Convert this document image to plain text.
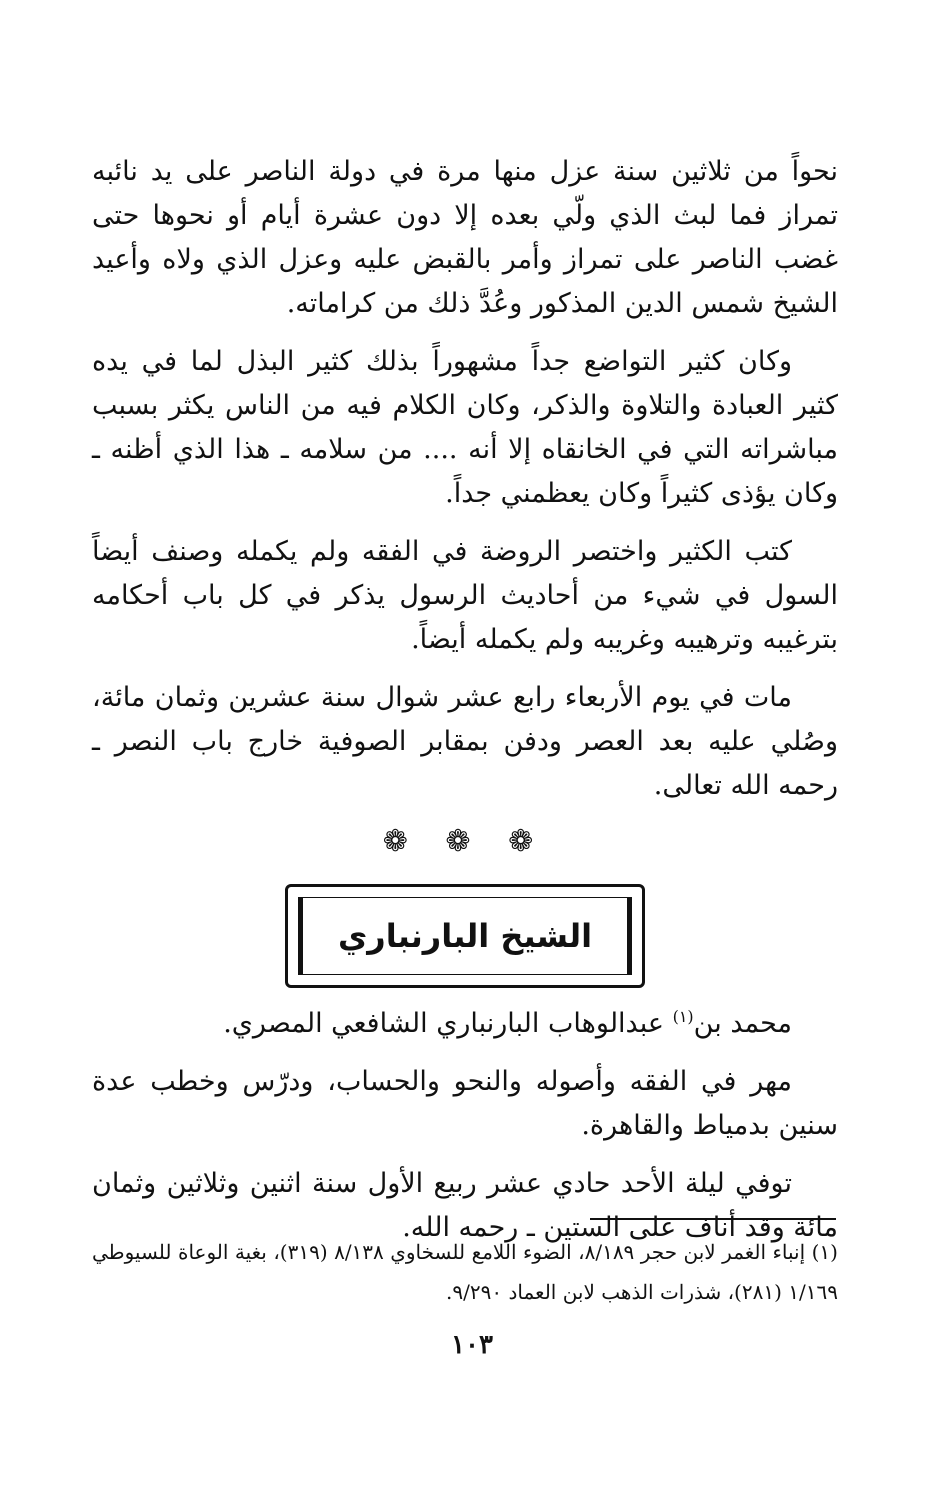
نحواً من ثلاثين سنة عزل منها مرة في دولة الناصر على يد نائبه تمراز فما لبث الذي ولّي بعده إلا دون عشرة أيام أو نحوها حتى غضب الناصر على تمراز وأمر بالقبض عليه وعزل الذي ولاه وأعيد الشيخ شمس الدين المذكور وعُدَّ ذلك من كراماته.

وكان كثير التواضع جداً مشهوراً بذلك كثير البذل لما في يده كثير العبادة والتلاوة والذكر، وكان الكلام فيه من الناس يكثر بسبب مباشراته التي في الخانقاه إلا أنه .... من سلامه ـ هذا الذي أظنه ـ وكان يؤذى كثيراً وكان يعظمني جداً.

كتب الكثير واختصر الروضة في الفقه ولم يكمله وصنف أيضاً السول في شيء من أحاديث الرسول يذكر في كل باب أحكامه بترغيبه وترهيبه وغريبه ولم يكمله أيضاً.

مات في يوم الأربعاء رابع عشر شوال سنة عشرين وثمان مائة، وصُلي عليه بعد العصر ودفن بمقابر الصوفية خارج باب النصر ـ رحمه الله تعالى.

❁ ❁ ❁
الشيخ البارنباري

محمد بن$^{(١)}$ عبدالوهاب البارنباري الشافعي المصري.

مهر في الفقه وأصوله والنحو والحساب، ودرّس وخطب عدة سنين بدمياط والقاهرة.

توفي ليلة الأحد حادي عشر ربيع الأول سنة اثنين وثلاثين وثمان مائة وقد أناف على الستين ـ رحمه الله.

(١) إنباء الغمر لابن حجر ٨/١٨٩، الضوء اللامع للسخاوي ٨/١٣٨ (٣١٩)، بغية الوعاة للسيوطي ١/١٦٩ (٢٨١)، شذرات الذهب لابن العماد ٩/٢٩٠.
١٠٣
